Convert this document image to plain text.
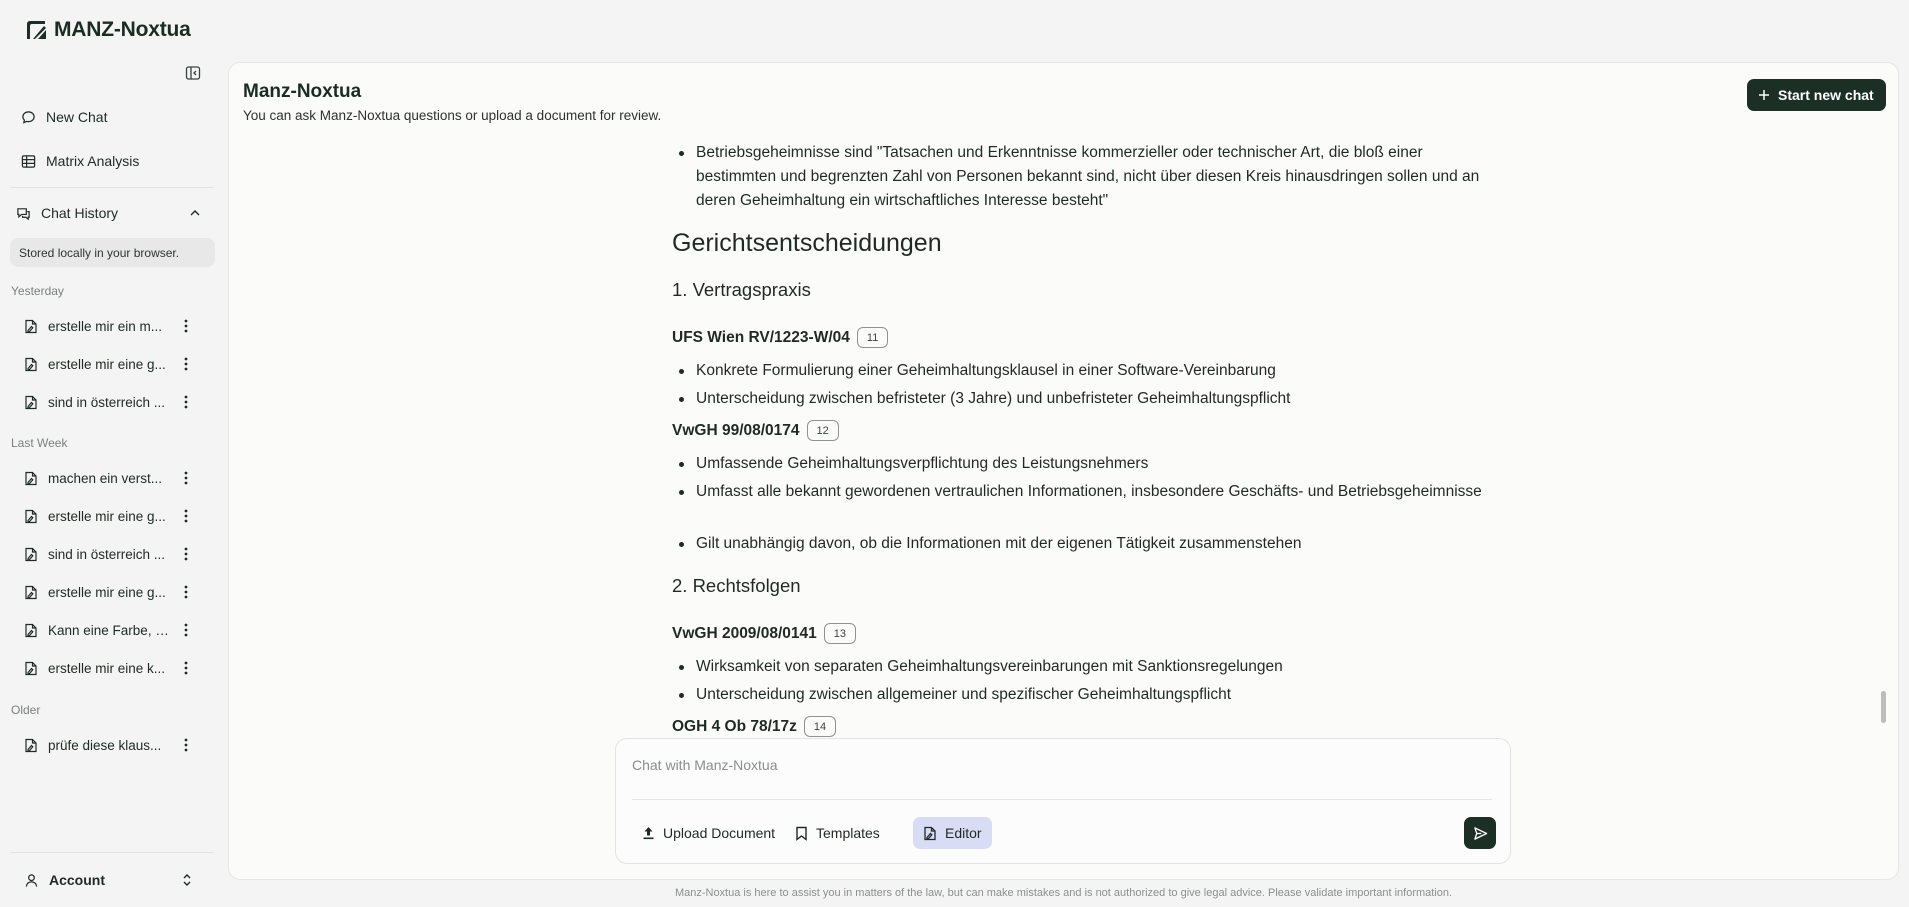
MANZ-Noxtua
New Chat
Matrix Analysis
Chat History
Stored locally in your browser.
Yesterday
erstelle mir ein m...
erstelle mir eine g...
sind in österreich ...
Last Week
machen ein verst...
erstelle mir eine g...
sind in österreich ...
erstelle mir eine g...
Kann eine Farbe, z...
erstelle mir eine k...
Older
prüfe diese klaus...
Account
Manz-Noxtua
You can ask Manz-Noxtua questions or upload a document for review.
Start new chat
Betriebsgeheimnisse sind "Tatsachen und Erkenntnisse kommerzieller oder technischer Art, die bloß einer bestimmten und begrenzten Zahl von Personen bekannt sind, nicht über diesen Kreis hinausdringen sollen und an deren Geheimhaltung ein wirtschaftliches Interesse besteht"
Gerichtsentscheidungen
1. Vertragspraxis
UFS Wien RV/1223-W/04	11
Konkrete Formulierung einer Geheimhaltungsklausel in einer Software-Vereinbarung
Unterscheidung zwischen befristeter (3 Jahre) und unbefristeter Geheimhaltungspflicht
VwGH 99/08/0174	12
Umfassende Geheimhaltungsverpflichtung des Leistungsnehmers
Umfasst alle bekannt gewordenen vertraulichen Informationen, insbesondere Geschäfts- und Betriebsgeheimnisse
Gilt unabhängig davon, ob die Informationen mit der eigenen Tätigkeit zusammenstehen
2. Rechtsfolgen
VwGH 2009/08/0141	13
Wirksamkeit von separaten Geheimhaltungsvereinbarungen mit Sanktionsregelungen
Unterscheidung zwischen allgemeiner und spezifischer Geheimhaltungspflicht
OGH 4 Ob 78/17z	14
Chat with Manz-Noxtua
Upload Document	Templates	Editor
Manz-Noxtua is here to assist you in matters of the law, but can make mistakes and is not authorized to give legal advice. Please validate important information.
